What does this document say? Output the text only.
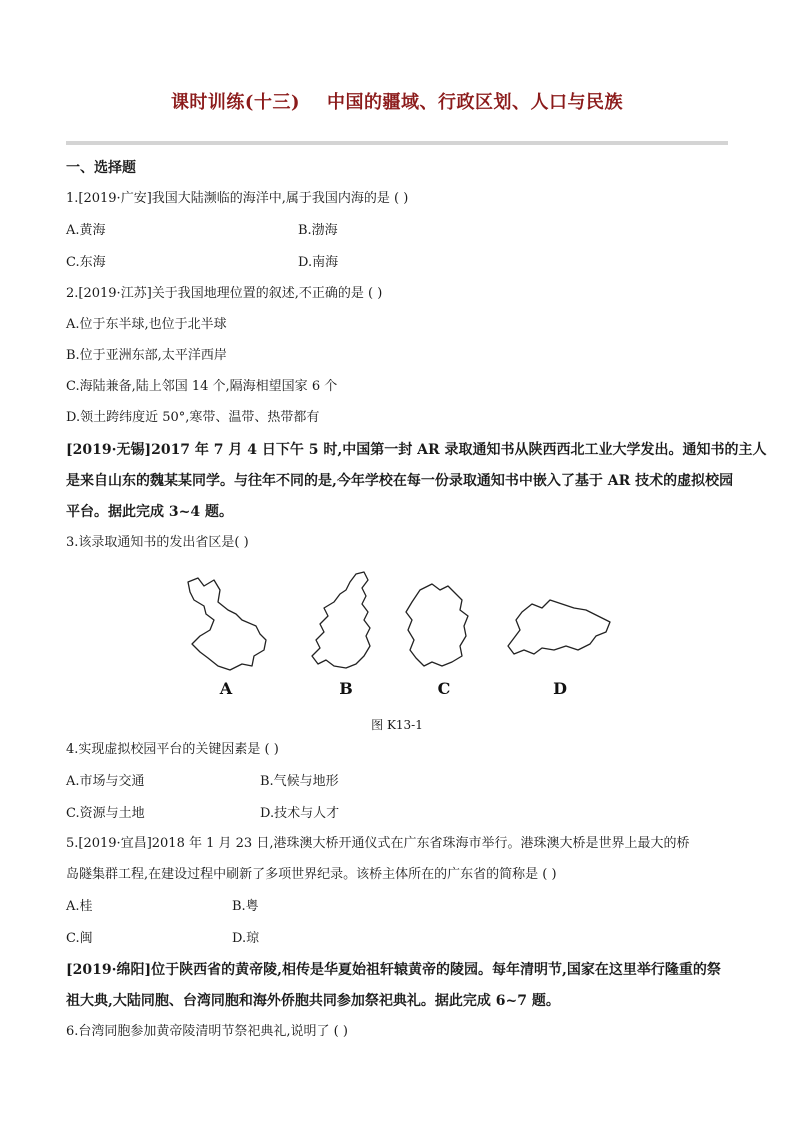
课时训练(十三)    中国的疆域、行政区划、人口与民族
一、选择题
1.[2019·广安]我国大陆濒临的海洋中,属于我国内海的是 ( )
A.黄海	B.渤海
C.东海	D.南海
2.[2019·江苏]关于我国地理位置的叙述,不正确的是 ( )
A.位于东半球,也位于北半球
B.位于亚洲东部,太平洋西岸
C.海陆兼备,陆上邻国 14 个,隔海相望国家 6 个
D.领土跨纬度近 50°,寒带、温带、热带都有
[2019·无锡]2017 年 7 月 4 日下午 5 时,中国第一封 AR 录取通知书从陕西西北工业大学发出。通知书的主人
是来自山东的魏某某同学。与往年不同的是,今年学校在每一份录取通知书中嵌入了基于 AR 技术的虚拟校园
平台。据此完成 3~4 题。
3.该录取通知书的发出省区是( )
A	B	C	D
图 K13-1
4.实现虚拟校园平台的关键因素是 ( )
A.市场与交通	B.气候与地形
C.资源与土地	D.技术与人才
5.[2019·宜昌]2018 年 1 月 23 日,港珠澳大桥开通仪式在广东省珠海市举行。港珠澳大桥是世界上最大的桥
岛隧集群工程,在建设过程中刷新了多项世界纪录。该桥主体所在的广东省的简称是 ( )
A.桂	B.粤
C.闽	D.琼
[2019·绵阳]位于陕西省的黄帝陵,相传是华夏始祖轩辕黄帝的陵园。每年清明节,国家在这里举行隆重的祭
祖大典,大陆同胞、台湾同胞和海外侨胞共同参加祭祀典礼。据此完成 6~7 题。
6.台湾同胞参加黄帝陵清明节祭祀典礼,说明了 ( )
